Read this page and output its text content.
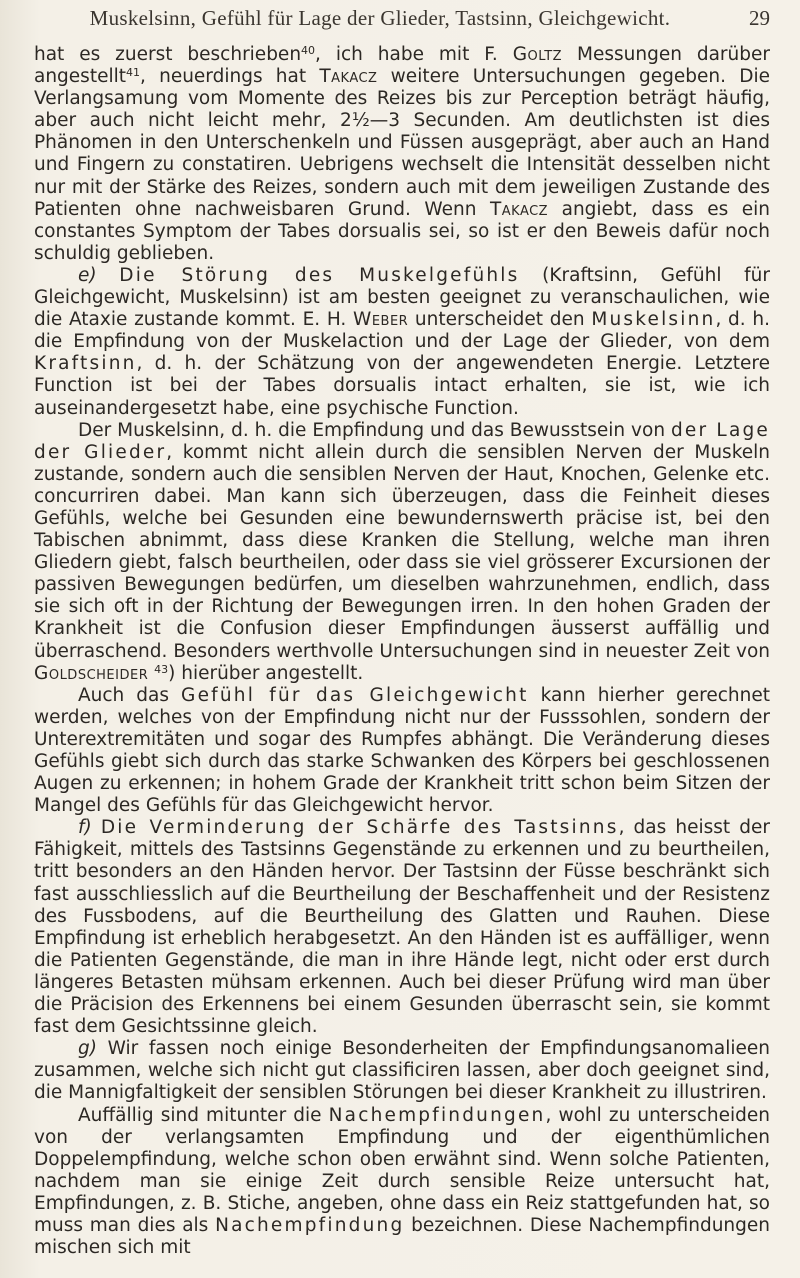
Muskelsinn, Gefühl für Lage der Glieder, Tastsinn, Gleichgewicht.	29

hat es zuerst beschrieben$^{40}$, ich habe mit F. Goltz Messungen darüber angestellt$^{41}$, neuerdings hat Takacz weitere Untersuchungen gegeben. Die Verlangsamung vom Momente des Reizes bis zur Perception beträgt häufig, aber auch nicht leicht mehr, 2½—3 Secunden. Am deutlichsten ist dies Phänomen in den Unterschenkeln und Füssen ausgeprägt, aber auch an Hand und Fingern zu constatiren. Uebrigens wechselt die Intensität desselben nicht nur mit der Stärke des Reizes, sondern auch mit dem jeweiligen Zustande des Patienten ohne nachweisbaren Grund. Wenn Takacz angiebt, dass es ein constantes Symptom der Tabes dorsualis sei, so ist er den Beweis dafür noch schuldig geblieben.

e) Die Störung des Muskelgefühls (Kraftsinn, Gefühl für Gleichgewicht, Muskelsinn) ist am besten geeignet zu veranschaulichen, wie die Ataxie zustande kommt. E. H. Weber unterscheidet den Muskelsinn, d. h. die Empfindung von der Muskelaction und der Lage der Glieder, von dem Kraftsinn, d. h. der Schätzung von der angewendeten Energie. Letztere Function ist bei der Tabes dorsualis intact erhalten, sie ist, wie ich auseinandergesetzt habe, eine psychische Function.

Der Muskelsinn, d. h. die Empfindung und das Bewusstsein von der Lage der Glieder, kommt nicht allein durch die sensiblen Nerven der Muskeln zustande, sondern auch die sensiblen Nerven der Haut, Knochen, Gelenke etc. concurriren dabei. Man kann sich überzeugen, dass die Feinheit dieses Gefühls, welche bei Gesunden eine bewundernswerth präcise ist, bei den Tabischen abnimmt, dass diese Kranken die Stellung, welche man ihren Gliedern giebt, falsch beurtheilen, oder dass sie viel grösserer Excursionen der passiven Bewegungen bedürfen, um dieselben wahrzunehmen, endlich, dass sie sich oft in der Richtung der Bewegungen irren. In den hohen Graden der Krankheit ist die Confusion dieser Empfindungen äusserst auffällig und überraschend. Besonders werthvolle Untersuchungen sind in neuester Zeit von Goldscheider $^{43}$) hierüber angestellt.

Auch das Gefühl für das Gleichgewicht kann hierher gerechnet werden, welches von der Empfindung nicht nur der Fusssohlen, sondern der Unterextremitäten und sogar des Rumpfes abhängt. Die Veränderung dieses Gefühls giebt sich durch das starke Schwanken des Körpers bei geschlossenen Augen zu erkennen; in hohem Grade der Krankheit tritt schon beim Sitzen der Mangel des Gefühls für das Gleichgewicht hervor.

f) Die Verminderung der Schärfe des Tastsinns, das heisst der Fähigkeit, mittels des Tastsinns Gegenstände zu erkennen und zu beurtheilen, tritt besonders an den Händen hervor. Der Tastsinn der Füsse beschränkt sich fast ausschliesslich auf die Beurtheilung der Beschaffenheit und der Resistenz des Fussbodens, auf die Beurtheilung des Glatten und Rauhen. Diese Empfindung ist erheblich herabgesetzt. An den Händen ist es auffälliger, wenn die Patienten Gegenstände, die man in ihre Hände legt, nicht oder erst durch längeres Betasten mühsam erkennen. Auch bei dieser Prüfung wird man über die Präcision des Erkennens bei einem Gesunden überrascht sein, sie kommt fast dem Gesichtssinne gleich.

g) Wir fassen noch einige Besonderheiten der Empfindungsanomalieen zusammen, welche sich nicht gut classificiren lassen, aber doch geeignet sind, die Mannigfaltigkeit der sensiblen Störungen bei dieser Krankheit zu illustriren.

Auffällig sind mitunter die Nachempfindungen, wohl zu unterscheiden von der verlangsamten Empfindung und der eigenthümlichen Doppelempfindung, welche schon oben erwähnt sind. Wenn solche Patienten, nachdem man sie einige Zeit durch sensible Reize untersucht hat, Empfindungen, z. B. Stiche, angeben, ohne dass ein Reiz stattgefunden hat, so muss man dies als Nachempfindung bezeichnen. Diese Nachempfindungen mischen sich mit
